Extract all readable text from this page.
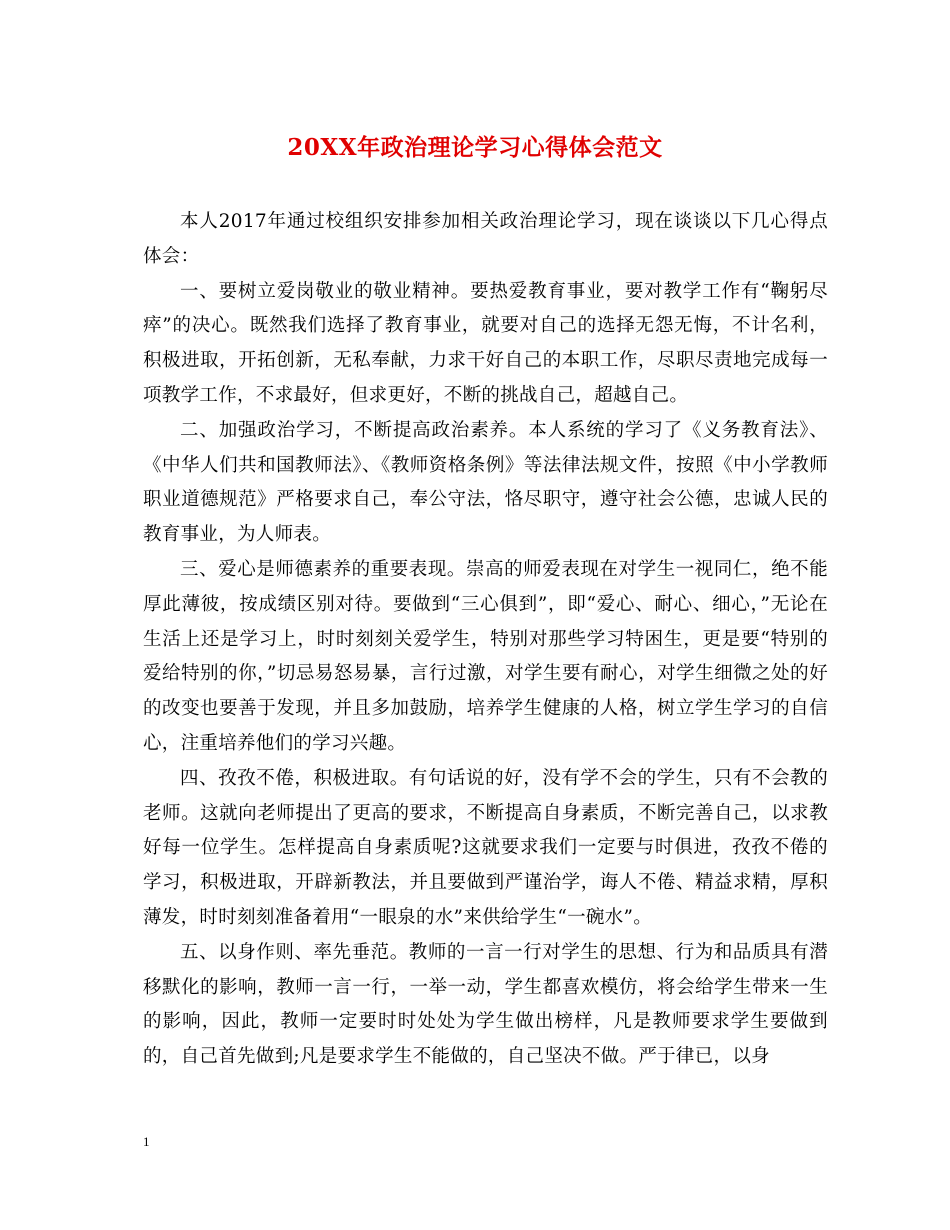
20XX年政治理论学习心得体会范文

本人2017年通过校组织安排参加相关政治理论学习，现在谈谈以下几心得点体会：

一、要树立爱岗敬业的敬业精神。要热爱教育事业，要对教学工作有“鞠躬尽瘁”的决心。既然我们选择了教育事业，就要对自己的选择无怨无悔，不计名利，积极进取，开拓创新，无私奉献，力求干好自己的本职工作，尽职尽责地完成每一项教学工作，不求最好，但求更好，不断的挑战自己，超越自己。

二、加强政治学习，不断提高政治素养。本人系统的学习了《义务教育法》、《中华人们共和国教师法》、《教师资格条例》等法律法规文件，按照《中小学教师职业道德规范》严格要求自己，奉公守法，恪尽职守，遵守社会公德，忠诚人民的教育事业，为人师表。

三、爱心是师德素养的重要表现。崇高的师爱表现在对学生一视同仁，绝不能厚此薄彼，按成绩区别对待。要做到“三心俱到”，即“爱心、耐心、细心，”无论在生活上还是学习上，时时刻刻关爱学生，特别对那些学习特困生，更是要“特别的爱给特别的你，”切忌易怒易暴，言行过激，对学生要有耐心，对学生细微之处的好的改变也要善于发现，并且多加鼓励，培养学生健康的人格，树立学生学习的自信心，注重培养他们的学习兴趣。

四、孜孜不倦，积极进取。有句话说的好，没有学不会的学生，只有不会教的老师。这就向老师提出了更高的要求，不断提高自身素质，不断完善自己，以求教好每一位学生。怎样提高自身素质呢?这就要求我们一定要与时俱进，孜孜不倦的学习，积极进取，开辟新教法，并且要做到严谨治学，诲人不倦、精益求精，厚积薄发，时时刻刻准备着用“一眼泉的水”来供给学生“一碗水”。

五、以身作则、率先垂范。教师的一言一行对学生的思想、行为和品质具有潜移默化的影响，教师一言一行，一举一动，学生都喜欢模仿，将会给学生带来一生的影响，因此，教师一定要时时处处为学生做出榜样，凡是教师要求学生要做到的，自己首先做到;凡是要求学生不能做的，自己坚决不做。严于律已，以身

1
